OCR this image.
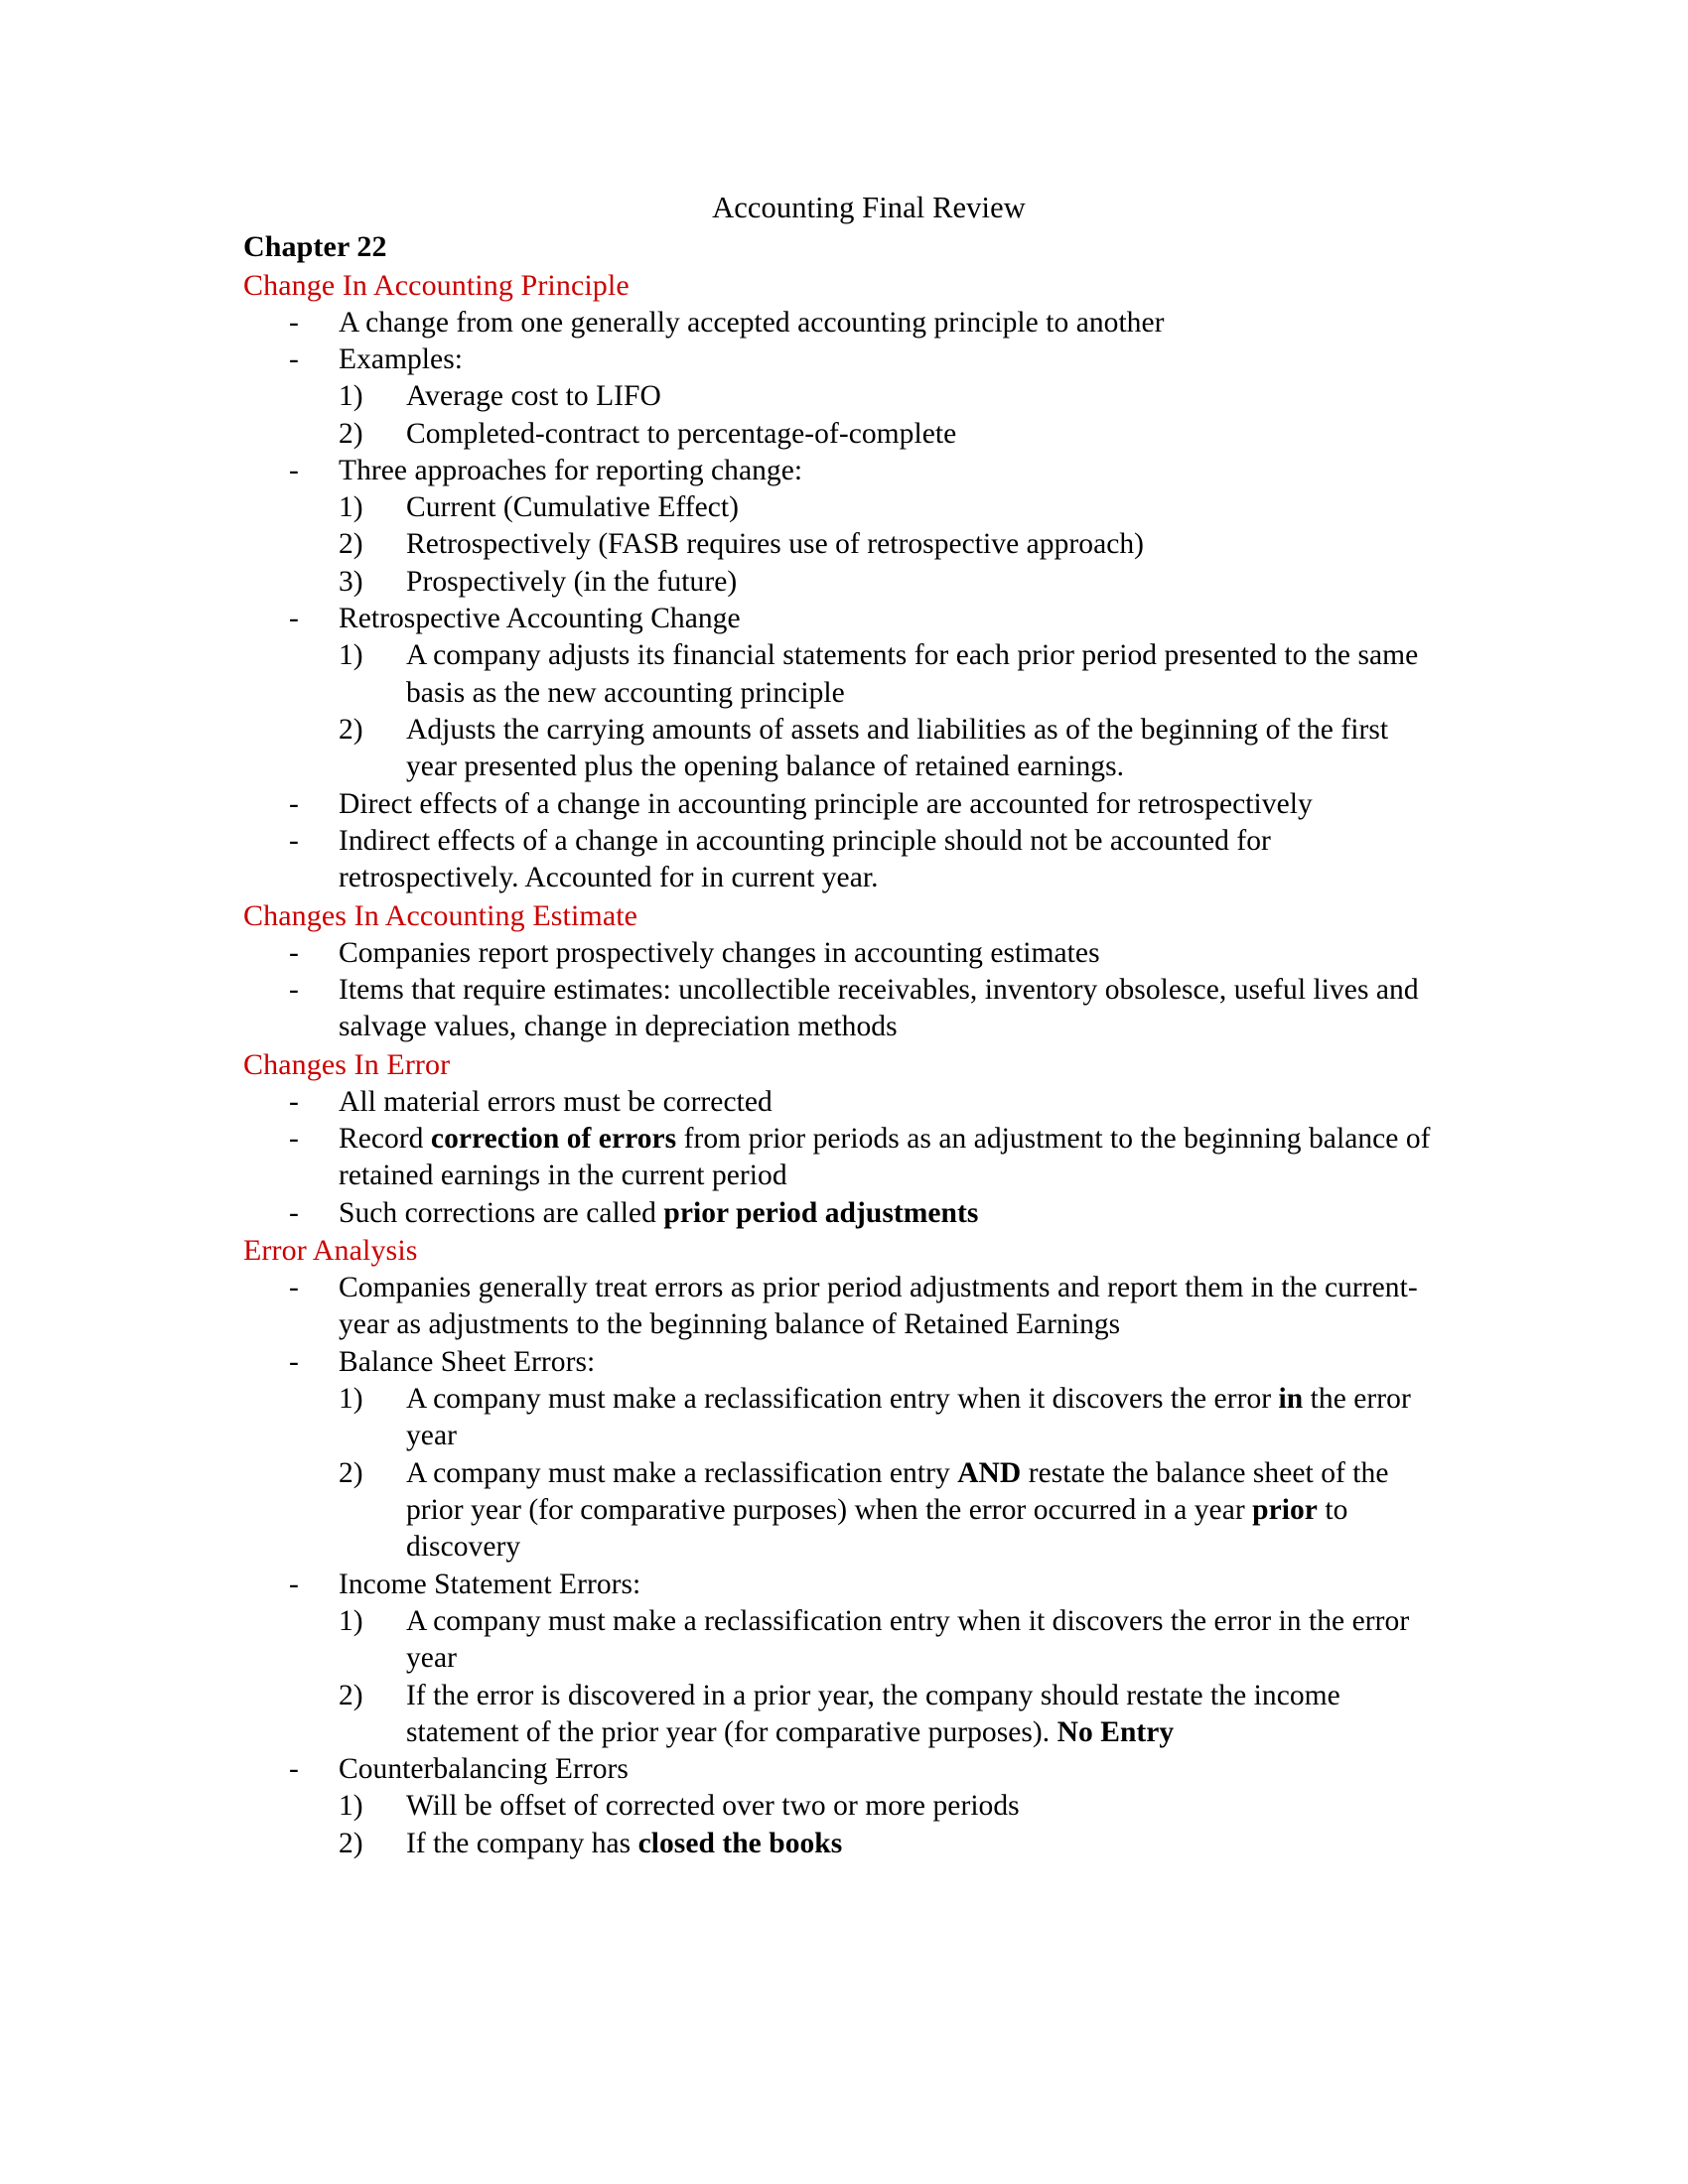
Accounting Final Review
Chapter 22
Change In Accounting Principle
- A change from one generally accepted accounting principle to another
- Examples:
1) Average cost to LIFO
2) Completed-contract to percentage-of-complete
- Three approaches for reporting change:
1) Current (Cumulative Effect)
2) Retrospectively (FASB requires use of retrospective approach)
3) Prospectively (in the future)
- Retrospective Accounting Change
1) A company adjusts its financial statements for each prior period presented to the same basis as the new accounting principle
2) Adjusts the carrying amounts of assets and liabilities as of the beginning of the first year presented plus the opening balance of retained earnings.
- Direct effects of a change in accounting principle are accounted for retrospectively
- Indirect effects of a change in accounting principle should not be accounted for retrospectively. Accounted for in current year.
Changes In Accounting Estimate
- Companies report prospectively changes in accounting estimates
- Items that require estimates: uncollectible receivables, inventory obsolesce, useful lives and salvage values, change in depreciation methods
Changes In Error
- All material errors must be corrected
- Record correction of errors from prior periods as an adjustment to the beginning balance of retained earnings in the current period
- Such corrections are called prior period adjustments
Error Analysis
- Companies generally treat errors as prior period adjustments and report them in the current-year as adjustments to the beginning balance of Retained Earnings
- Balance Sheet Errors:
1) A company must make a reclassification entry when it discovers the error in the error year
2) A company must make a reclassification entry AND restate the balance sheet of the prior year (for comparative purposes) when the error occurred in a year prior to discovery
- Income Statement Errors:
1) A company must make a reclassification entry when it discovers the error in the error year
2) If the error is discovered in a prior year, the company should restate the income statement of the prior year (for comparative purposes). No Entry
- Counterbalancing Errors
1) Will be offset of corrected over two or more periods
2) If the company has closed the books
